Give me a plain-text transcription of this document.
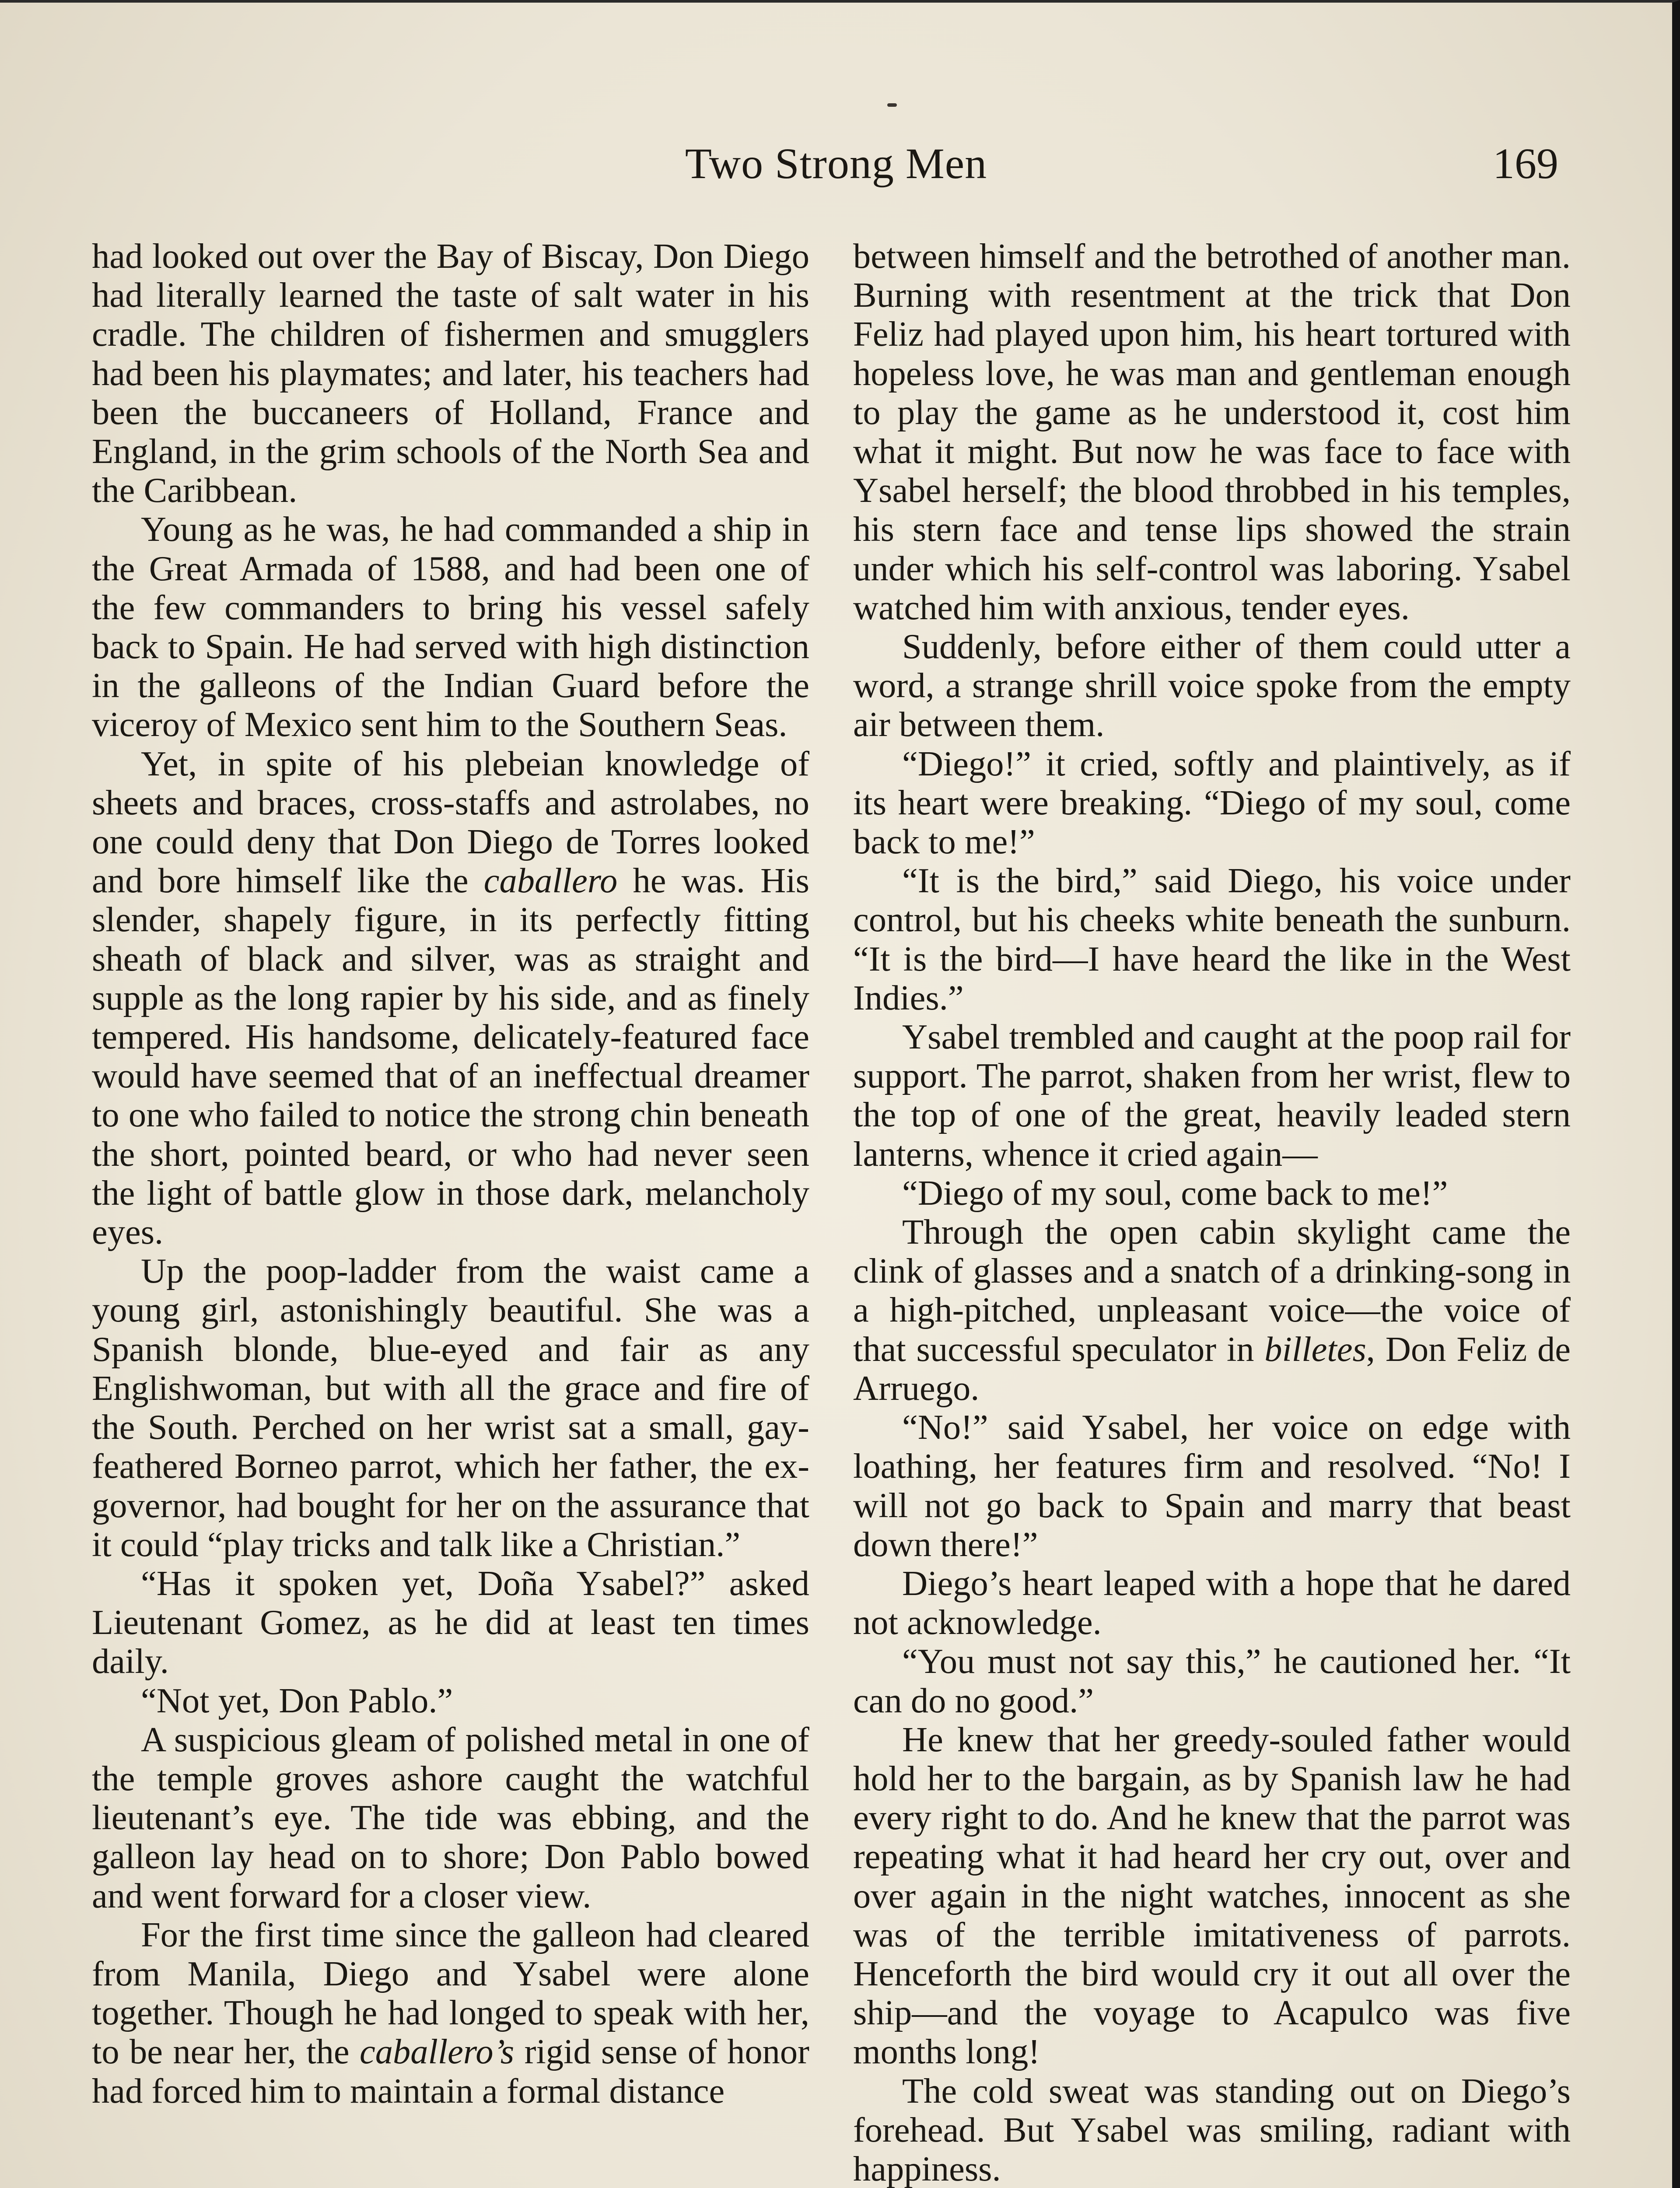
Two Strong Men	169

had looked out over the Bay of Biscay, Don Diego had literally learned the taste of salt water in his cradle. The children of fishermen and smugglers had been his playmates; and later, his teachers had been the buccaneers of Holland, France and England, in the grim schools of the North Sea and the Caribbean.

Young as he was, he had commanded a ship in the Great Armada of 1588, and had been one of the few commanders to bring his vessel safely back to Spain. He had served with high distinction in the galleons of the Indian Guard before the viceroy of Mexico sent him to the Southern Seas.

Yet, in spite of his plebeian knowledge of sheets and braces, cross-staffs and astrolabes, no one could deny that Don Diego de Torres looked and bore himself like the caballero he was. His slender, shapely figure, in its perfectly fitting sheath of black and silver, was as straight and supple as the long rapier by his side, and as finely tempered. His handsome, delicately-featured face would have seemed that of an ineffectual dreamer to one who failed to notice the strong chin beneath the short, pointed beard, or who had never seen the light of battle glow in those dark, melancholy eyes.

Up the poop-ladder from the waist came a young girl, astonishingly beautiful. She was a Spanish blonde, blue-eyed and fair as any Englishwoman, but with all the grace and fire of the South. Perched on her wrist sat a small, gay-feathered Borneo parrot, which her father, the ex-governor, had bought for her on the assurance that it could “play tricks and talk like a Christian.”

“Has it spoken yet, Doña Ysabel?” asked Lieutenant Gomez, as he did at least ten times daily.

“Not yet, Don Pablo.”

A suspicious gleam of polished metal in one of the temple groves ashore caught the watchful lieutenant’s eye. The tide was ebbing, and the galleon lay head on to shore; Don Pablo bowed and went forward for a closer view.

For the first time since the galleon had cleared from Manila, Diego and Ysabel were alone together. Though he had longed to speak with her, to be near her, the caballero’s rigid sense of honor had forced him to maintain a formal distance

between himself and the betrothed of another man. Burning with resentment at the trick that Don Feliz had played upon him, his heart tortured with hopeless love, he was man and gentleman enough to play the game as he understood it, cost him what it might. But now he was face to face with Ysabel herself; the blood throbbed in his temples, his stern face and tense lips showed the strain under which his self-control was laboring. Ysabel watched him with anxious, tender eyes.

Suddenly, before either of them could utter a word, a strange shrill voice spoke from the empty air between them.

“Diego!” it cried, softly and plaintively, as if its heart were breaking. “Diego of my soul, come back to me!”

“It is the bird,” said Diego, his voice under control, but his cheeks white beneath the sunburn. “It is the bird—I have heard the like in the West Indies.”

Ysabel trembled and caught at the poop rail for support. The parrot, shaken from her wrist, flew to the top of one of the great, heavily leaded stern lanterns, whence it cried again—

“Diego of my soul, come back to me!”

Through the open cabin skylight came the clink of glasses and a snatch of a drinking-song in a high-pitched, unpleasant voice—the voice of that successful speculator in billetes, Don Feliz de Arruego.

“No!” said Ysabel, her voice on edge with loathing, her features firm and resolved. “No! I will not go back to Spain and marry that beast down there!”

Diego’s heart leaped with a hope that he dared not acknowledge.

“You must not say this,” he cautioned her. “It can do no good.”

He knew that her greedy-souled father would hold her to the bargain, as by Spanish law he had every right to do. And he knew that the parrot was repeating what it had heard her cry out, over and over again in the night watches, innocent as she was of the terrible imitativeness of parrots. Henceforth the bird would cry it out all over the ship—and the voyage to Acapulco was five months long!

The cold sweat was standing out on Diego’s forehead. But Ysabel was smiling, radiant with happiness.
